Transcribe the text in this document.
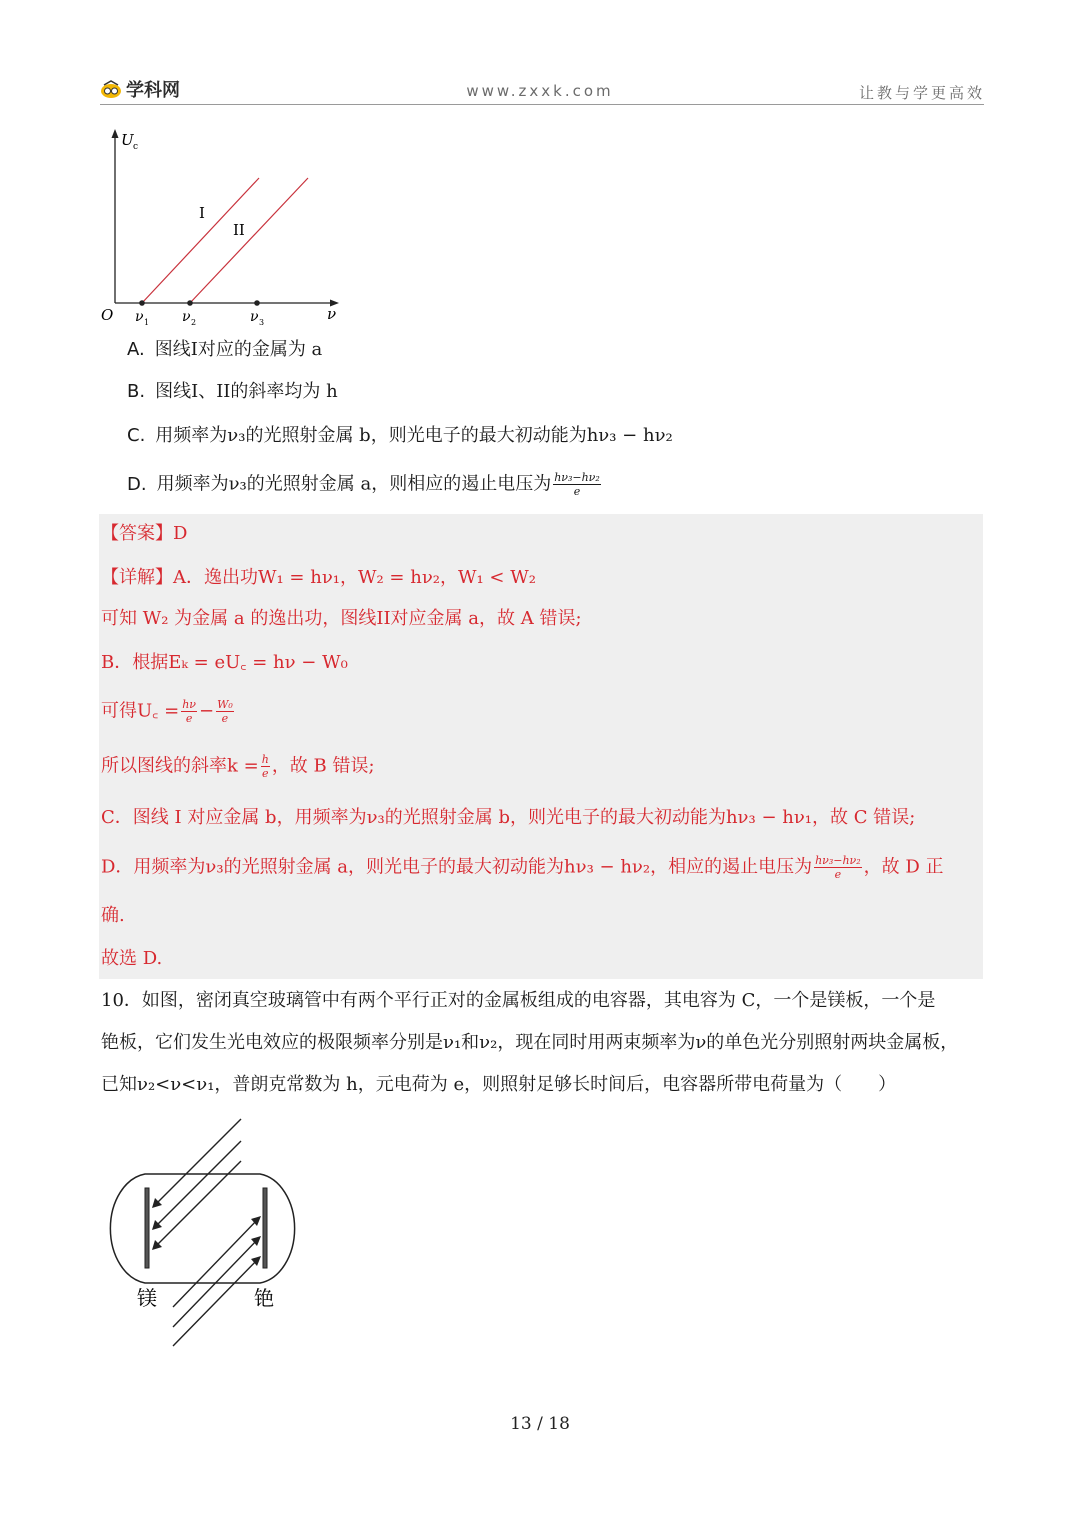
学科网	www.zxxk.com	让教与学更高效
U c
O	ν
ν 1 ν 2	ν 3
I
II
A. 图线I对应的金属为 a
B. 图线I、II的斜率均为 h
C. 用频率为ν₃的光照射金属 b，则光电子的最大初动能为hν₃ − hν₂
D. 用频率为ν₃的光照射金属 a，则相应的遏止电压为 $\frac{\text{hν₃−hν₂}}{e}$
【答案】D
【详解】A．逸出功W₁ = hν₁，W₂ = hν₂，W₁ < W₂
可知 W₂ 为金属 a 的逸出功，图线II对应金属 a，故 A 错误;
B．根据Eₖ = eU꜀ = hν − W₀
可得U꜀ = $\frac{h\nu}{e} - \frac{\text{W₀}}{e}$
所以图线的斜率$k = \frac{h}{e}$ ，故 B 错误;
C．图线 I 对应金属 b，用频率为ν₃的光照射金属 b，则光电子的最大初动能为hν₃ − hν₁，故 C 错误;
D．用频率为ν₃的光照射金属 a，则光电子的最大初动能为hν₃ − hν₂，相应的遏止电压为 $\frac{\text{hν₃−hν₂}}{e}$ ，故 D 正
确.
故选 D.
10．如图，密闭真空玻璃管中有两个平行正对的金属板组成的电容器，其电容为 C，一个是镁板，一个是
铯板，它们发生光电效应的极限频率分别是ν₁和ν₂，现在同时用两束频率为ν的单色光分别照射两块金属板，
已知ν₂<ν<ν₁，普朗克常数为 h，元电荷为 e，则照射足够长时间后，电容器所带电荷量为（　　）
镁	铯
13 / 18
